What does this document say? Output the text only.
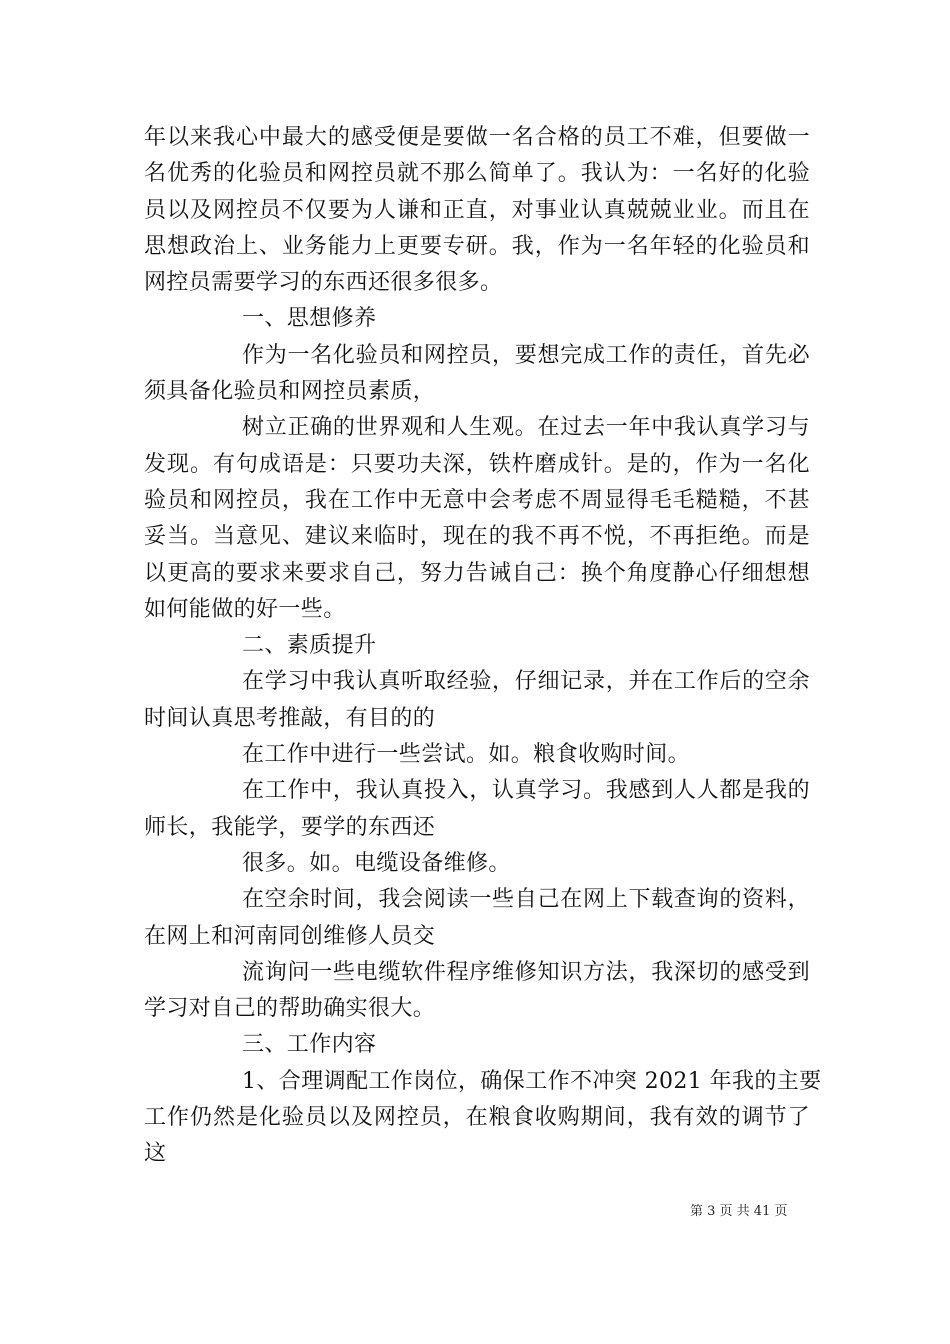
年以来我心中最大的感受便是要做一名合格的员工不难，但要做一
名优秀的化验员和网控员就不那么简单了。我认为：一名好的化验
员以及网控员不仅要为人谦和正直，对事业认真兢兢业业。而且在
思想政治上、业务能力上更要专研。我，作为一名年轻的化验员和
网控员需要学习的东西还很多很多。
一、思想修养
作为一名化验员和网控员，要想完成工作的责任，首先必
须具备化验员和网控员素质，
树立正确的世界观和人生观。在过去一年中我认真学习与
发现。有句成语是：只要功夫深，铁杵磨成针。是的，作为一名化
验员和网控员，我在工作中无意中会考虑不周显得毛毛糙糙，不甚
妥当。当意见、建议来临时，现在的我不再不悦，不再拒绝。而是
以更高的要求来要求自己，努力告诫自己：换个角度静心仔细想想
如何能做的好一些。
二、素质提升
在学习中我认真听取经验，仔细记录，并在工作后的空余
时间认真思考推敲，有目的的
在工作中进行一些尝试。如。粮食收购时间。
在工作中，我认真投入，认真学习。我感到人人都是我的
师长，我能学，要学的东西还
很多。如。电缆设备维修。
在空余时间，我会阅读一些自己在网上下载查询的资料，
在网上和河南同创维修人员交
流询问一些电缆软件程序维修知识方法，我深切的感受到
学习对自己的帮助确实很大。
三、工作内容
1、合理调配工作岗位，确保工作不冲突 2021 年我的主要
工作仍然是化验员以及网控员，在粮食收购期间，我有效的调节了
这
第 3 页 共 41 页
